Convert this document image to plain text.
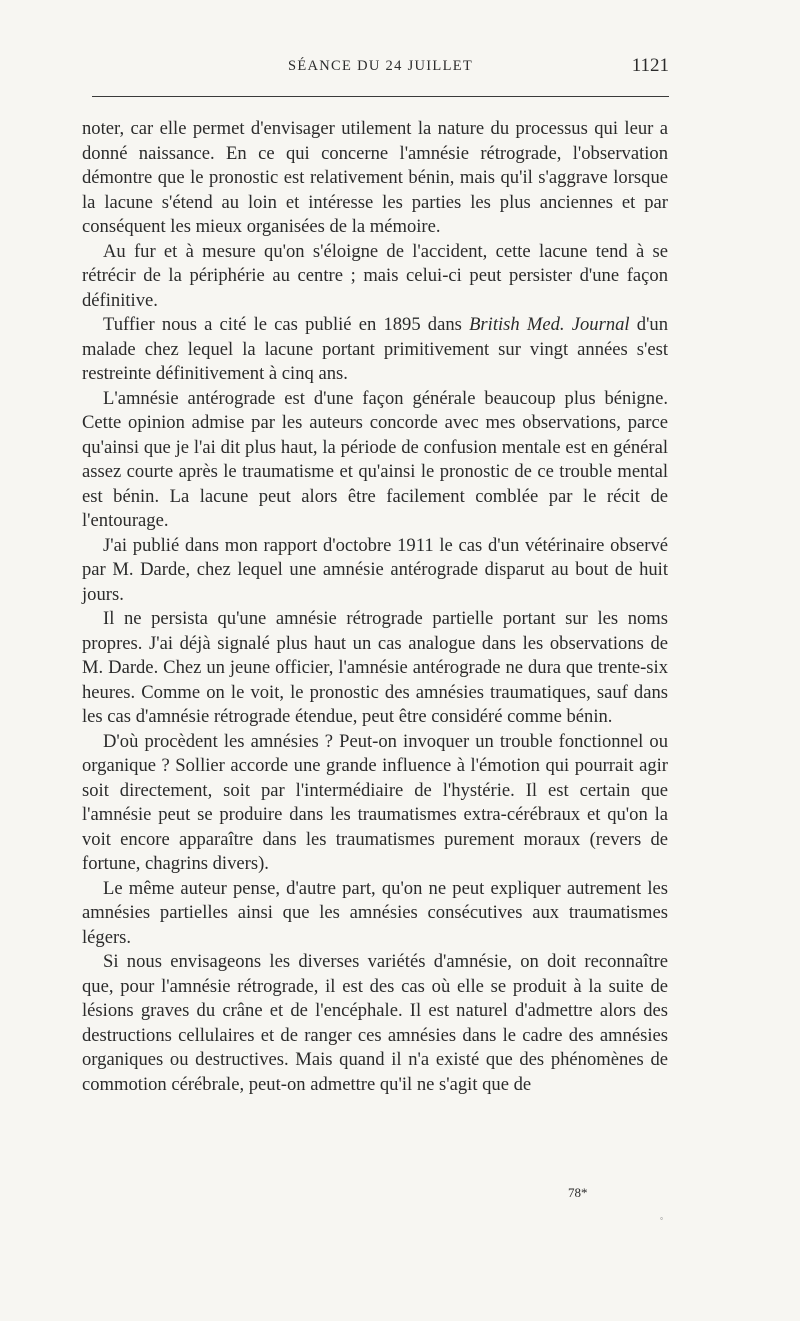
SÉANCE DU 24 JUILLET	1121

noter, car elle permet d'envisager utilement la nature du processus qui leur a donné naissance. En ce qui concerne l'amnésie rétrograde, l'observation démontre que le pronostic est relativement bénin, mais qu'il s'aggrave lorsque la lacune s'étend au loin et intéresse les parties les plus anciennes et par conséquent les mieux organisées de la mémoire.

Au fur et à mesure qu'on s'éloigne de l'accident, cette lacune tend à se rétrécir de la périphérie au centre ; mais celui-ci peut persister d'une façon définitive.

Tuffier nous a cité le cas publié en 1895 dans British Med. Journal d'un malade chez lequel la lacune portant primitivement sur vingt années s'est restreinte définitivement à cinq ans.

L'amnésie antérograde est d'une façon générale beaucoup plus bénigne. Cette opinion admise par les auteurs concorde avec mes observations, parce qu'ainsi que je l'ai dit plus haut, la période de confusion mentale est en général assez courte après le traumatisme et qu'ainsi le pronostic de ce trouble mental est bénin. La lacune peut alors être facilement comblée par le récit de l'entourage.

J'ai publié dans mon rapport d'octobre 1911 le cas d'un vétérinaire observé par M. Darde, chez lequel une amnésie antérograde disparut au bout de huit jours.

Il ne persista qu'une amnésie rétrograde partielle portant sur les noms propres. J'ai déjà signalé plus haut un cas analogue dans les observations de M. Darde. Chez un jeune officier, l'amnésie antérograde ne dura que trente-six heures. Comme on le voit, le pronostic des amnésies traumatiques, sauf dans les cas d'amnésie rétrograde étendue, peut être considéré comme bénin.

D'où procèdent les amnésies ? Peut-on invoquer un trouble fonctionnel ou organique ? Sollier accorde une grande influence à l'émotion qui pourrait agir soit directement, soit par l'intermédiaire de l'hystérie. Il est certain que l'amnésie peut se produire dans les traumatismes extra-cérébraux et qu'on la voit encore apparaître dans les traumatismes purement moraux (revers de fortune, chagrins divers).

Le même auteur pense, d'autre part, qu'on ne peut expliquer autrement les amnésies partielles ainsi que les amnésies consécutives aux traumatismes légers.

Si nous envisageons les diverses variétés d'amnésie, on doit reconnaître que, pour l'amnésie rétrograde, il est des cas où elle se produit à la suite de lésions graves du crâne et de l'encéphale. Il est naturel d'admettre alors des destructions cellulaires et de ranger ces amnésies dans le cadre des amnésies organiques ou destructives. Mais quand il n'a existé que des phénomènes de commotion cérébrale, peut-on admettre qu'il ne s'agit que de

78*
ﾟ
